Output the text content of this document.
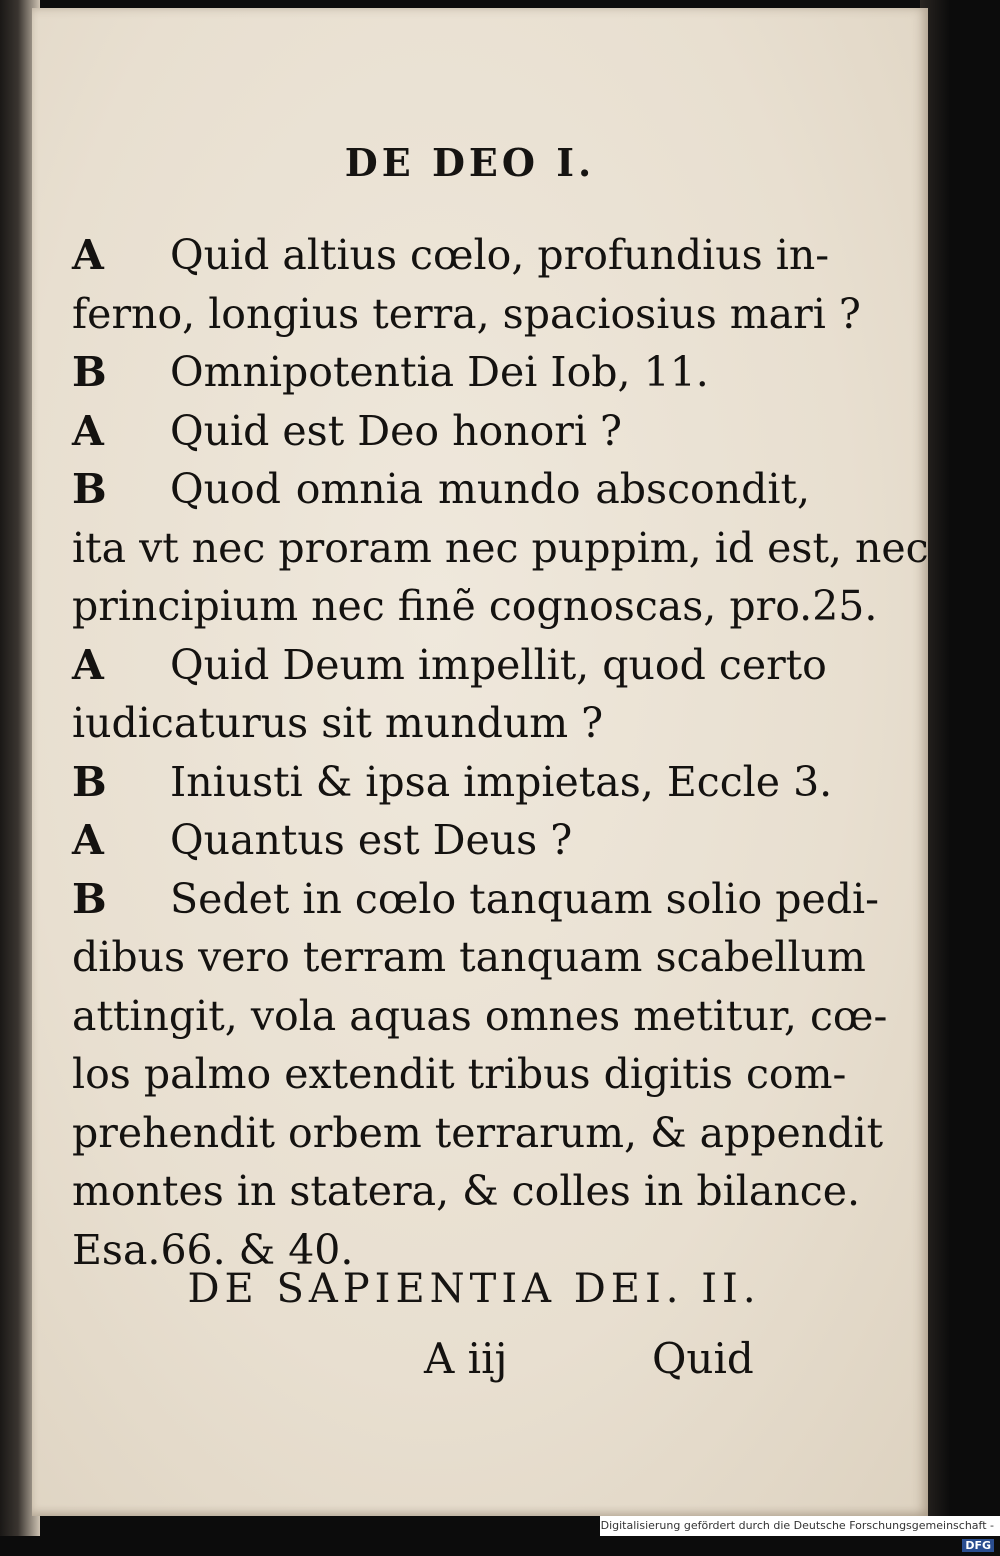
DE DEO I.
A	Quid altius cœlo, profundius in-
ferno, longius terra, spaciosius mari ?
B	Omnipotentia Dei Iob, 11.
A	Quid est Deo honori ?
B	Quod omnia mundo abscondit,
ita vt nec proram nec puppim, id est, nec
principium nec finẽ cognoscas, pro.25.
A	Quid Deum impellit, quod certo
iudicaturus sit mundum ?
B	Iniusti & ipsa impietas, Eccle 3.
A	Quantus est Deus ?
B	Sedet in cœlo tanquam solio pedi-
dibus vero terram tanquam scabellum
attingit, vola aquas omnes metitur, cœ-
los palmo extendit tribus digitis com-
prehendit orbem terrarum, & appendit
montes in statera, & colles in bilance.
Esa.66. & 40.
DE SAPIENTIA DEI. II.
A iij	Quid
Digitalisierung gefördert durch die Deutsche Forschungsgemeinschaft -DFG
